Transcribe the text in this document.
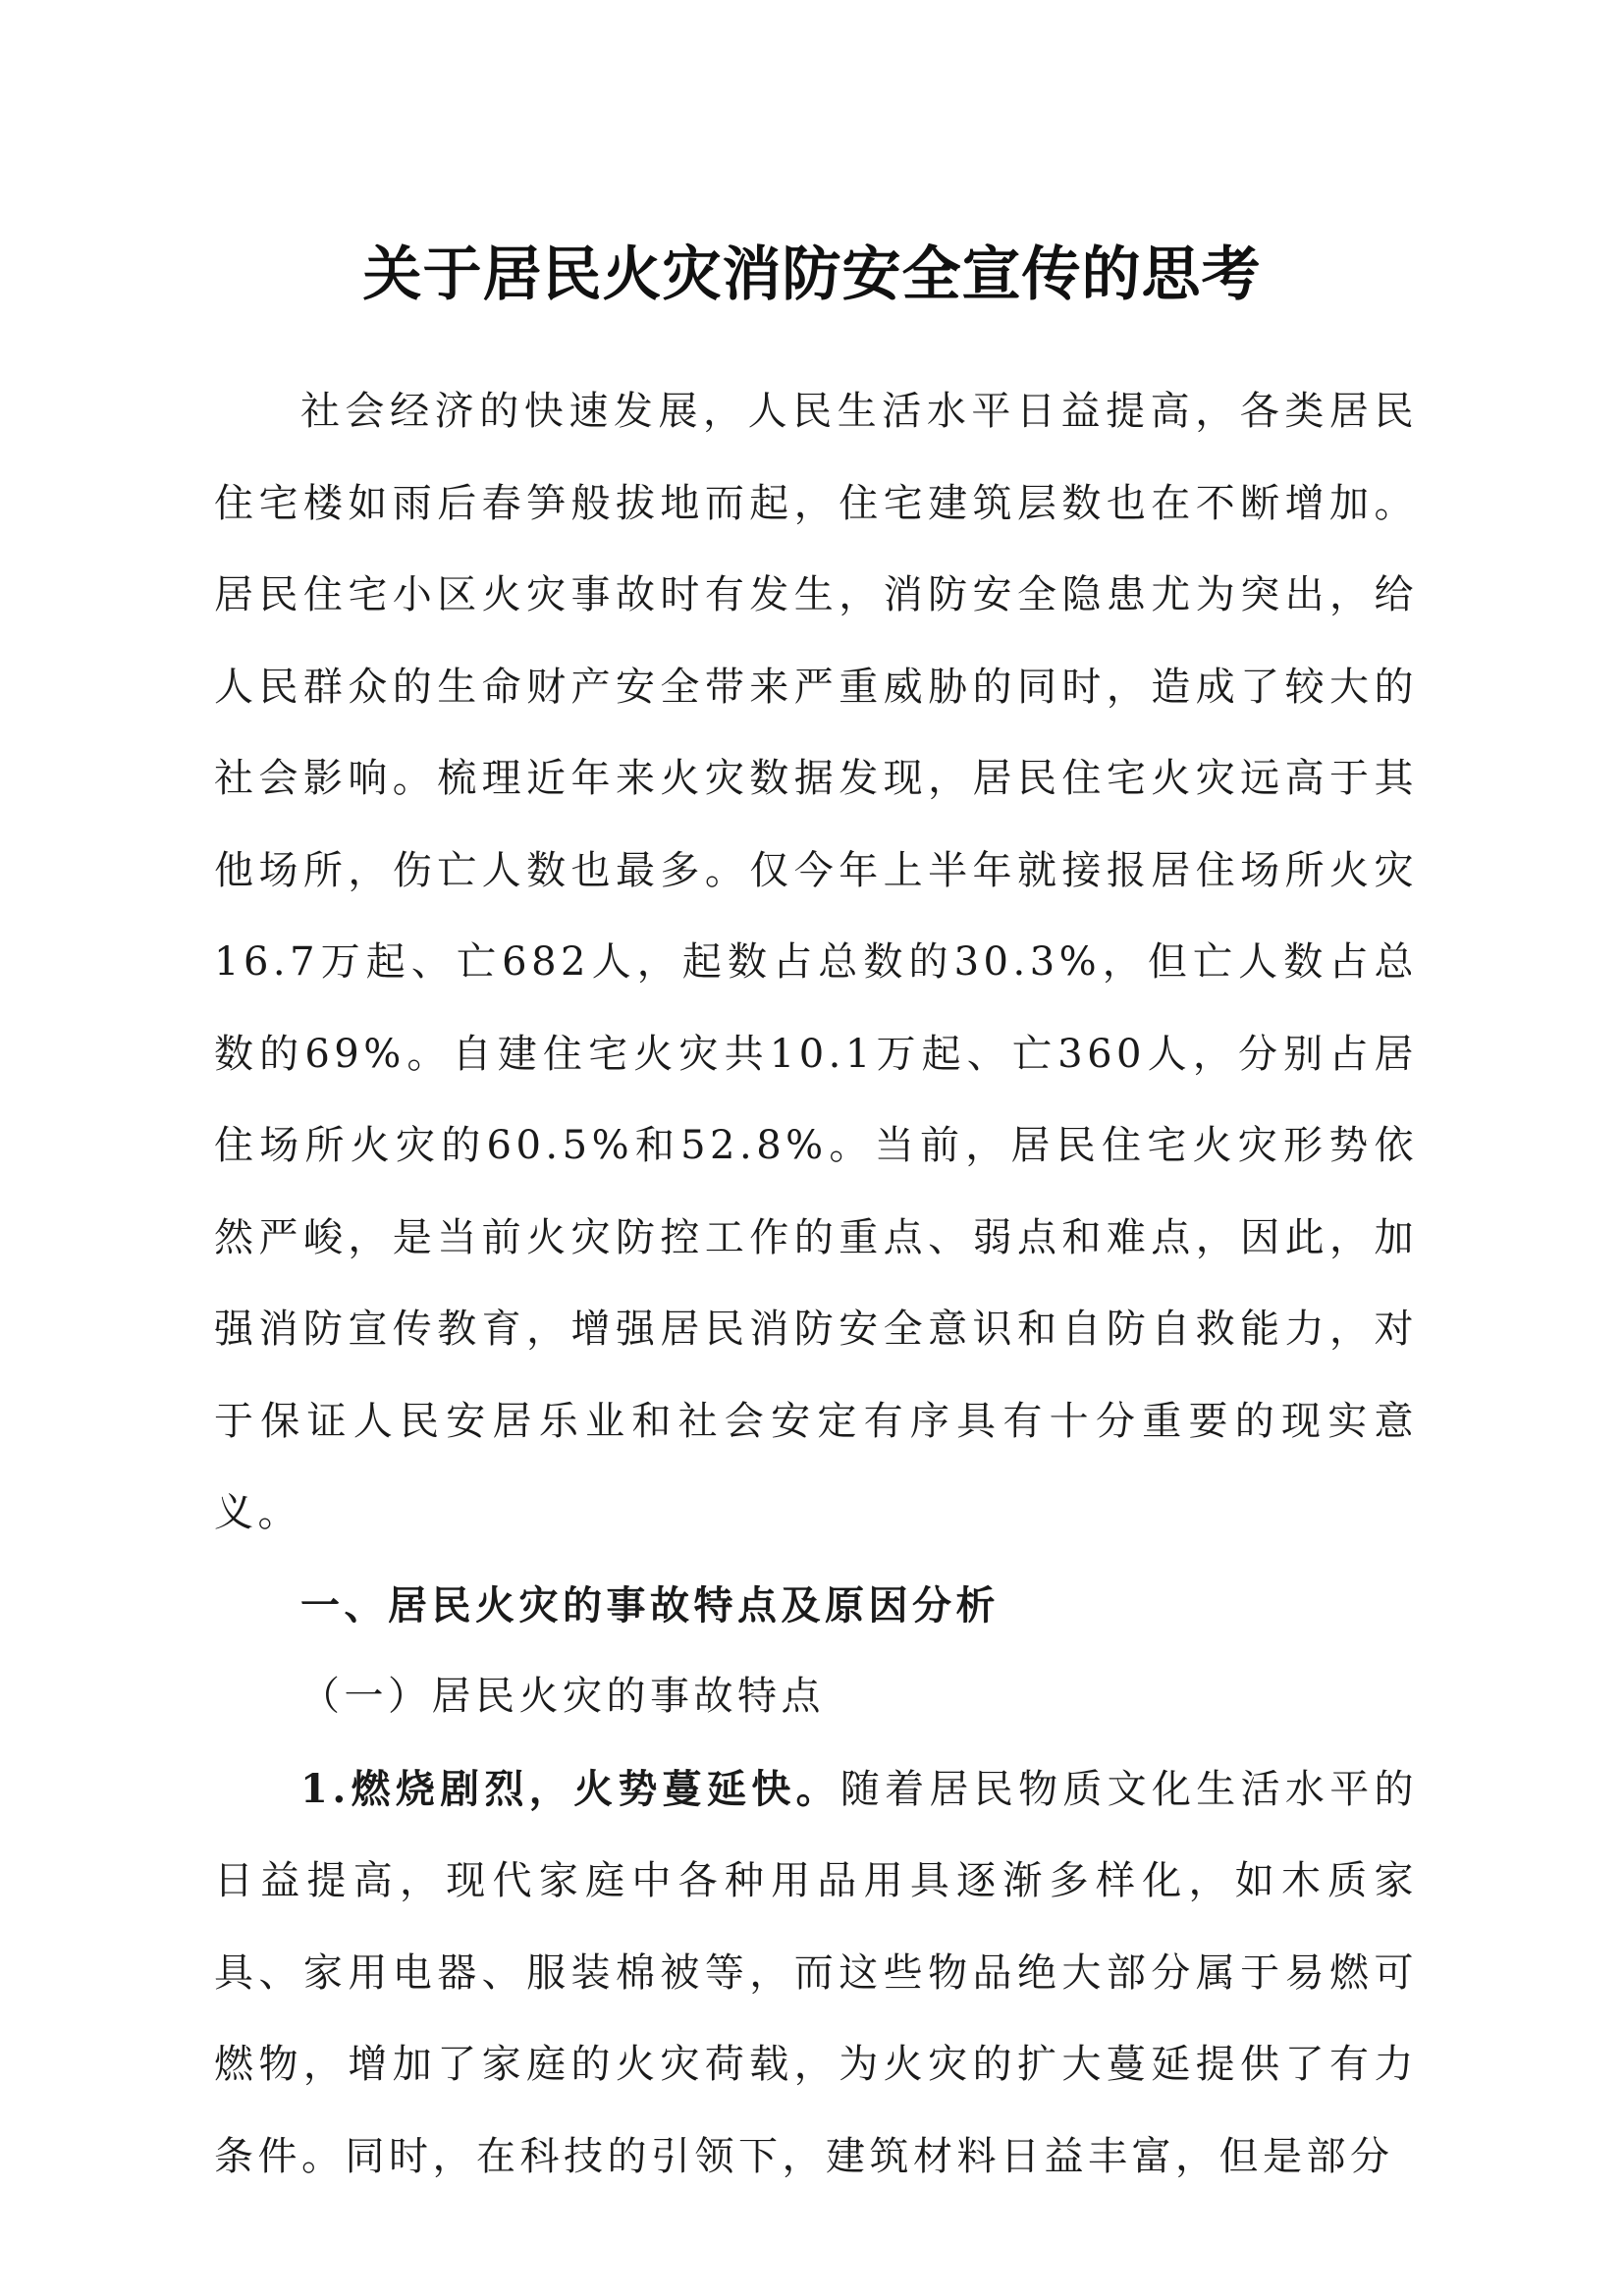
关于居民火灾消防安全宣传的思考

社会经济的快速发展，人民生活水平日益提高，各类居民住宅楼如雨后春笋般拔地而起，住宅建筑层数也在不断增加。居民住宅小区火灾事故时有发生，消防安全隐患尤为突出，给人民群众的生命财产安全带来严重威胁的同时，造成了较大的社会影响。梳理近年来火灾数据发现，居民住宅火灾远高于其他场所，伤亡人数也最多。仅今年上半年就接报居住场所火灾16.7万起、亡682人，起数占总数的30.3%，但亡人数占总数的69%。自建住宅火灾共10.1万起、亡360人，分别占居住场所火灾的60.5%和52.8%。当前，居民住宅火灾形势依然严峻，是当前火灾防控工作的重点、弱点和难点，因此，加强消防宣传教育，增强居民消防安全意识和自防自救能力，对于保证人民安居乐业和社会安定有序具有十分重要的现实意义。

一、居民火灾的事故特点及原因分析

（一）居民火灾的事故特点

1.燃烧剧烈，火势蔓延快。随着居民物质文化生活水平的日益提高，现代家庭中各种用品用具逐渐多样化，如木质家具、家用电器、服装棉被等，而这些物品绝大部分属于易燃可燃物，增加了家庭的火灾荷载，为火灾的扩大蔓延提供了有力条件。同时，在科技的引领下，建筑材料日益丰富，但是部分
